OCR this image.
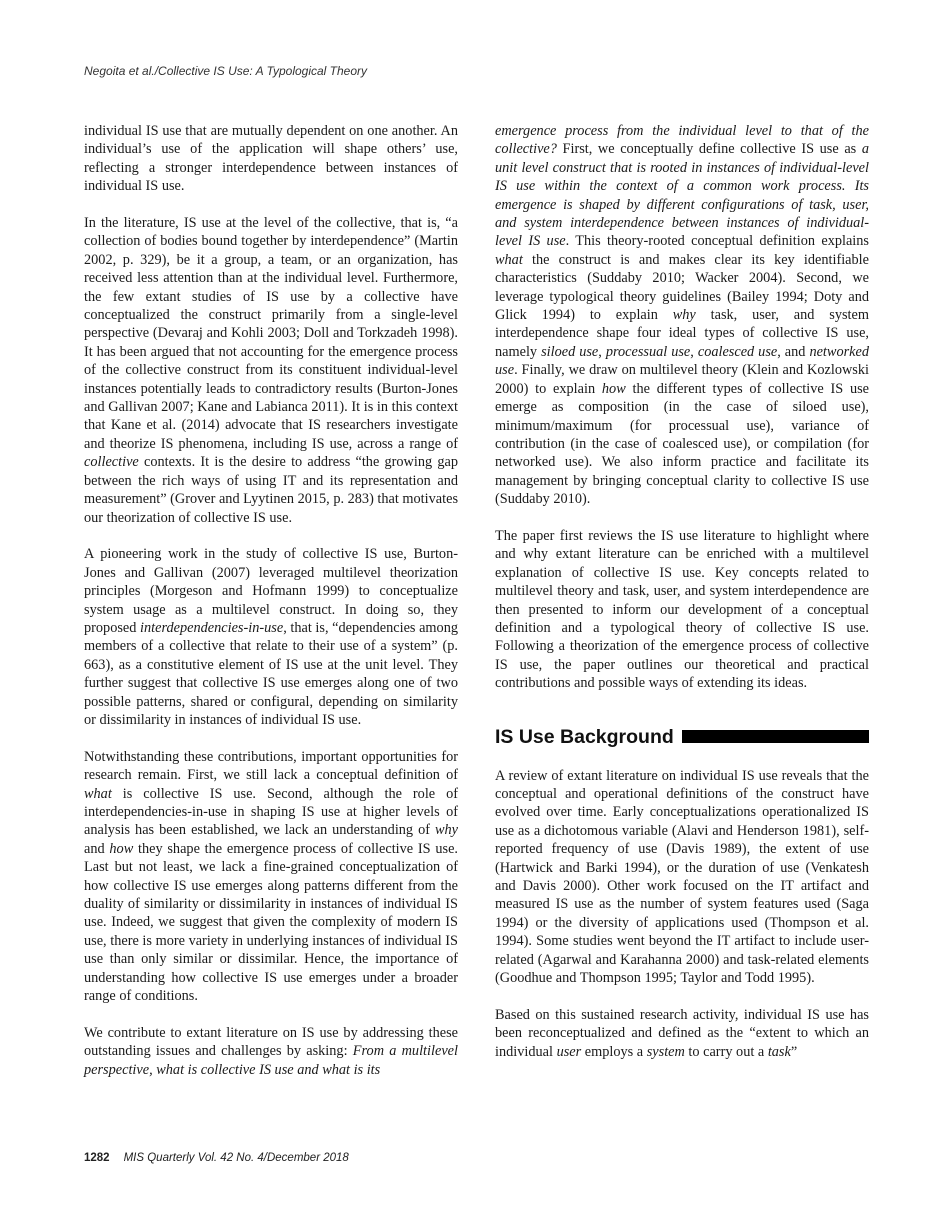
Negoita et al./Collective IS Use: A Typological Theory

individual IS use that are mutually dependent on one another. An individual’s use of the application will shape others’ use, reflecting a stronger interdependence between instances of individual IS use.

In the literature, IS use at the level of the collective, that is, “a collection of bodies bound together by interdependence” (Martin 2002, p. 329), be it a group, a team, or an organization, has received less attention than at the individual level. Furthermore, the few extant studies of IS use by a collective have conceptualized the construct primarily from a single-level perspective (Devaraj and Kohli 2003; Doll and Torkzadeh 1998). It has been argued that not accounting for the emergence process of the collective construct from its constituent individual-level instances potentially leads to contradictory results (Burton-Jones and Gallivan 2007; Kane and Labianca 2011). It is in this context that Kane et al. (2014) advocate that IS researchers investigate and theorize IS phenomena, including IS use, across a range of collective contexts. It is the desire to address “the growing gap between the rich ways of using IT and its representation and measurement” (Grover and Lyytinen 2015, p. 283) that motivates our theorization of collective IS use.

A pioneering work in the study of collective IS use, Burton-Jones and Gallivan (2007) leveraged multilevel theorization principles (Morgeson and Hofmann 1999) to conceptualize system usage as a multilevel construct. In doing so, they proposed interdependencies-in-use, that is, “dependencies among members of a collective that relate to their use of a system” (p. 663), as a constitutive element of IS use at the unit level. They further suggest that collective IS use emerges along one of two possible patterns, shared or configural, depending on similarity or dissimilarity in instances of individual IS use.

Notwithstanding these contributions, important opportunities for research remain. First, we still lack a conceptual definition of what is collective IS use. Second, although the role of interdependencies-in-use in shaping IS use at higher levels of analysis has been established, we lack an understanding of why and how they shape the emergence process of collective IS use. Last but not least, we lack a fine-grained conceptualization of how collective IS use emerges along patterns different from the duality of similarity or dissimilarity in instances of individual IS use. Indeed, we suggest that given the complexity of modern IS use, there is more variety in underlying instances of individual IS use than only similar or dissimilar. Hence, the importance of understanding how collective IS use emerges under a broader range of conditions.

We contribute to extant literature on IS use by addressing these outstanding issues and challenges by asking: From a multilevel perspective, what is collective IS use and what is its

emergence process from the individual level to that of the collective? First, we conceptually define collective IS use as a unit level construct that is rooted in instances of individual-level IS use within the context of a common work process. Its emergence is shaped by different configurations of task, user, and system interdependence between instances of individual-level IS use. This theory-rooted conceptual definition explains what the construct is and makes clear its key identifiable characteristics (Suddaby 2010; Wacker 2004). Second, we leverage typological theory guidelines (Bailey 1994; Doty and Glick 1994) to explain why task, user, and system interdependence shape four ideal types of collective IS use, namely siloed use, processual use, coalesced use, and networked use. Finally, we draw on multilevel theory (Klein and Kozlowski 2000) to explain how the different types of collective IS use emerge as composition (in the case of siloed use), minimum/maximum (for processual use), variance of contribution (in the case of coalesced use), or compilation (for networked use). We also inform practice and facilitate its management by bringing conceptual clarity to collective IS use (Suddaby 2010).

The paper first reviews the IS use literature to highlight where and why extant literature can be enriched with a multilevel explanation of collective IS use. Key concepts related to multilevel theory and task, user, and system interdependence are then presented to inform our development of a conceptual definition and a typological theory of collective IS use. Following a theorization of the emergence process of collective IS use, the paper outlines our theoretical and practical contributions and possible ways of extending its ideas.

IS Use Background

A review of extant literature on individual IS use reveals that the conceptual and operational definitions of the construct have evolved over time. Early conceptualizations operationalized IS use as a dichotomous variable (Alavi and Henderson 1981), self-reported frequency of use (Davis 1989), the extent of use (Hartwick and Barki 1994), or the duration of use (Venkatesh and Davis 2000). Other work focused on the IT artifact and measured IS use as the number of system features used (Saga 1994) or the diversity of applications used (Thompson et al. 1994). Some studies went beyond the IT artifact to include user-related (Agarwal and Karahanna 2000) and task-related elements (Goodhue and Thompson 1995; Taylor and Todd 1995).

Based on this sustained research activity, individual IS use has been reconceptualized and defined as the “extent to which an individual user employs a system to carry out a task”

1282 MIS Quarterly Vol. 42 No. 4/December 2018
